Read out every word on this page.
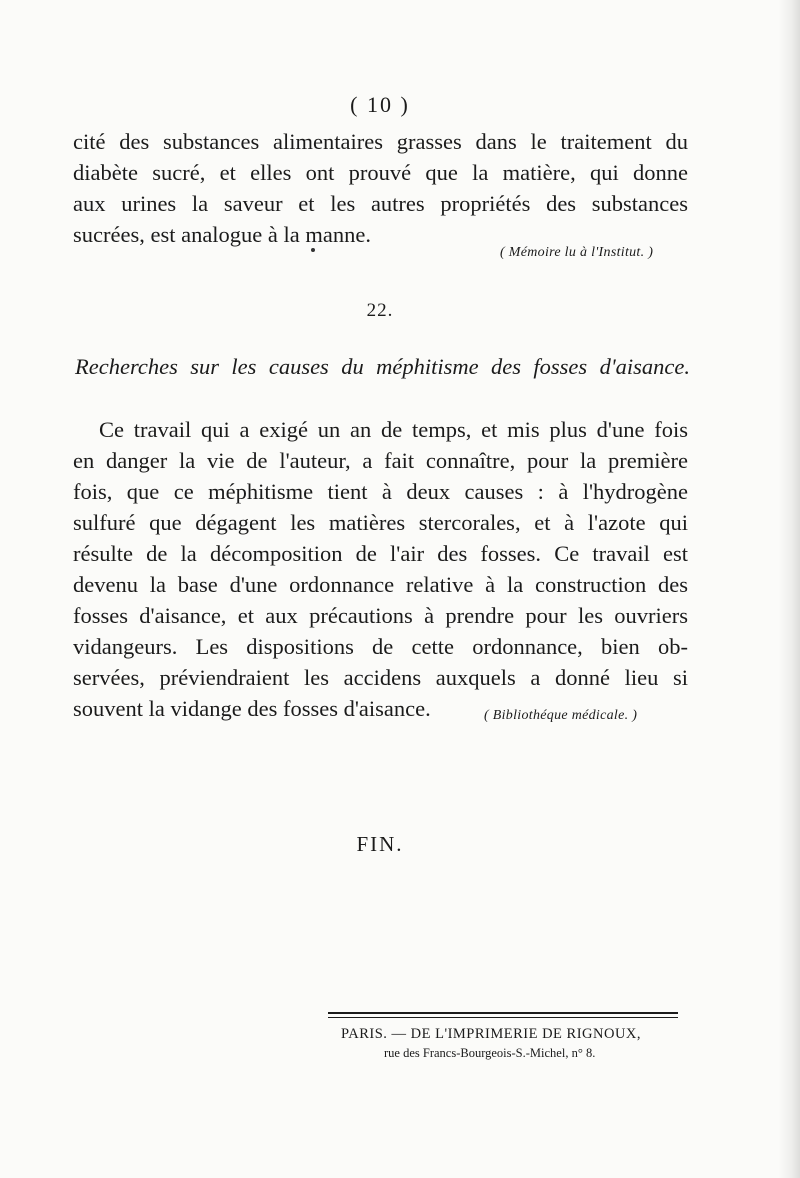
( 10 )
cité des substances alimentaires grasses dans le traitement du
diabète sucré, et elles ont prouvé que la matière, qui donne
aux urines la saveur et les autres propriétés des substances
sucrées, est analogue à la manne.
( Mémoire lu à l'Institut. )
22.
Recherches sur les causes du méphitisme des fosses d'aisance.
Ce travail qui a exigé un an de temps, et mis plus d'une fois
en danger la vie de l'auteur, a fait connaître, pour la première
fois, que ce méphitisme tient à deux causes : à l'hydrogène
sulfuré que dégagent les matières stercorales, et à l'azote qui
résulte de la décomposition de l'air des fosses. Ce travail est
devenu la base d'une ordonnance relative à la construction des
fosses d'aisance, et aux précautions à prendre pour les ouvriers
vidangeurs. Les dispositions de cette ordonnance, bien ob-
servées, préviendraient les accidens auxquels a donné lieu si
souvent la vidange des fosses d'aisance.	( Bibliothéque médicale. )
FIN.
PARIS. — DE L'IMPRIMERIE DE RIGNOUX,
rue des Francs-Bourgeois-S.-Michel, n° 8.
